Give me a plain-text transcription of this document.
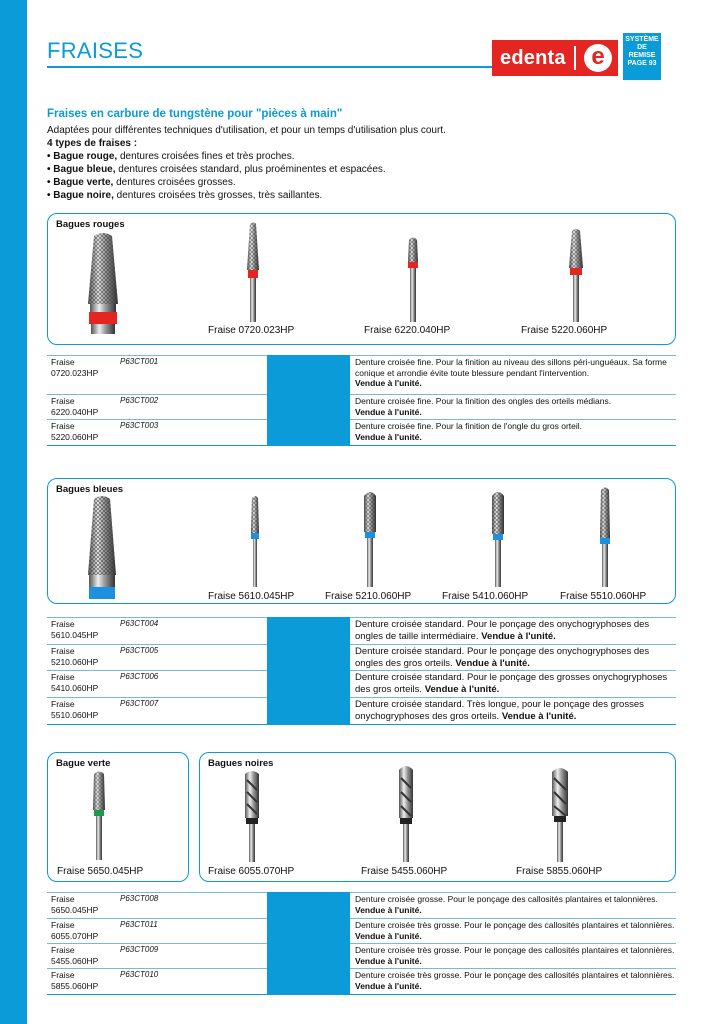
FRAISES	edenta	e
SYSTÈME
DE
REMISE
PAGE 93
Fraises en carbure de tungstène pour "pièces à main"

Adaptées pour différentes techniques d'utilisation, et pour un temps d'utilisation plus court.

4 types de fraises :

• Bague rouge, dentures croisées fines et très proches.

• Bague bleue, dentures croisées standard, plus proéminentes et espacées.

• Bague verte, dentures croisées grosses.

• Bague noire, dentures croisées très grosses, très saillantes.

Bagues rouges
Fraise 0720.023HP	Fraise 6220.040HP	Fraise 5220.060HP
Fraise 0720.023HP
P63CT001	Denture croisée fine. Pour la finition au niveau des sillons péri-unguéaux. Sa forme conique et arrondie évite toute blessure pendant l'intervention.
Vendue à l'unité.
Fraise 6220.040HP
P63CT002	Denture croisée fine. Pour la finition des ongles des orteils médians.
Vendue à l'unité.
Fraise 5220.060HP
P63CT003	Denture croisée fine. Pour la finition de l'ongle du gros orteil.
Vendue à l'unité.
Bagues bleues
Fraise 5610.045HP	Fraise 5210.060HP	Fraise 5410.060HP	Fraise 5510.060HP
Fraise 5610.045HP
P63CT004	Denture croisée standard. Pour le ponçage des onychogryphoses des ongles de taille intermédiaire. Vendue à l'unité.
Fraise 5210.060HP
P63CT005	Denture croisée standard. Pour le ponçage des onychogryphoses des ongles des gros orteils. Vendue à l'unité.
Fraise 5410.060HP
P63CT006	Denture croisée standard. Pour le ponçage des grosses onychogryphoses des gros orteils. Vendue à l'unité.
Fraise 5510.060HP
P63CT007	Denture croisée standard. Très longue, pour le ponçage des grosses onychogryphoses des gros orteils. Vendue à l'unité.
Bague verte	Bagues noires
Fraise 5650.045HP	Fraise 6055.070HP	Fraise 5455.060HP	Fraise 5855.060HP
Fraise 5650.045HP
P63CT008	Denture croisée grosse. Pour le ponçage des callosités plantaires et talonnières.
Vendue à l'unité.
Fraise 6055.070HP
P63CT011	Denture croisée très grosse. Pour le ponçage des callosités plantaires et talonnières. Vendue à l'unité.
Fraise 5455.060HP
P63CT009	Denture croisée très grosse. Pour le ponçage des callosités plantaires et talonnières. Vendue à l'unité.
Fraise 5855.060HP
P63CT010	Denture croisée très grosse. Pour le ponçage des callosités plantaires et talonnières. Vendue à l'unité.
